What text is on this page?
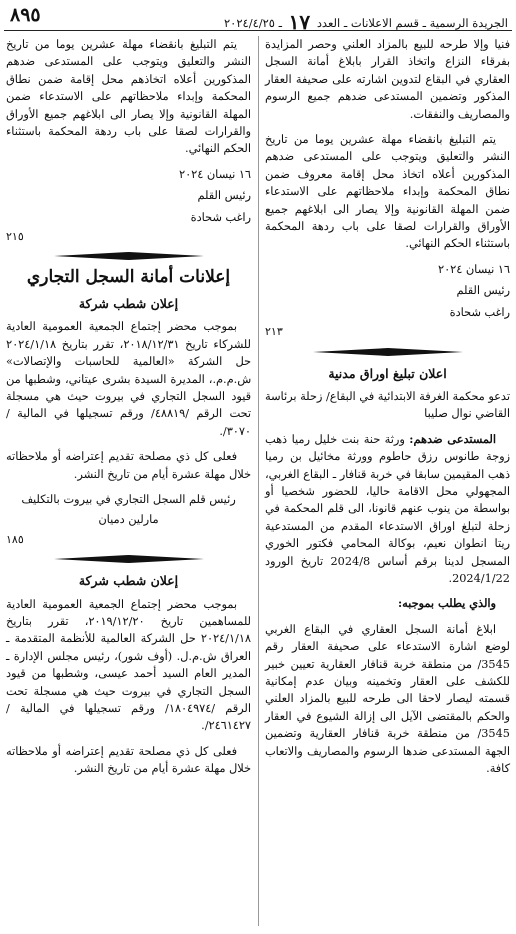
الجريدة الرسمية ـ قسم الاعلانات ـ العدد ١٧ ـ ٢٠٢٤/٤/٢٥
٨٩٥

فنيا وإلا طرحه للبيع بالمزاد العلني وحصر المزايدة بفرقاء النزاع واتخاذ القرار بابلاغ أمانة السجل العقاري في البقاع لتدوين اشارته على صحيفة العقار المذكور وتضمين المستدعى ضدهم جميع الرسوم والمصاريف والنفقات.

يتم التبليغ بانقضاء مهلة عشرين يوما من تاريخ النشر والتعليق ويتوجب على المستدعى ضدهم المذكورين أعلاه اتخاذ محل إقامة معروف ضمن نطاق المحكمة وإبداء ملاحظاتهم على الاستدعاء ضمن المهلة القانونية وإلا يصار الى ابلاغهم جميع الأوراق والقرارات لصقا على باب ردهة المحكمة باستثناء الحكم النهائي.

١٦ نيسان ٢٠٢٤
رئيس القلم
راغب شحادة
٢١٣
اعلان تبليغ اوراق مدنية

تدعو محكمة الغرفة الابتدائية في البقاع/ زحلة برئاسة القاضي نوال صليبا

المستدعى ضدهم: ورثة حنة بنت خليل رميا ذهب زوجة طانوس رزق حاطوم وورثة مخائيل بن رميا ذهب المقيمين سابقا في خربة قنافار ـ البقاع الغربي، المجهولي محل الاقامة حاليا، للحضور شخصيا أو بواسطة من ينوب عنهم قانونا، الى قلم المحكمة في زحلة لتبلغ اوراق الاستدعاء المقدم من المستدعية ريتا انطوان نعيم، بوكالة المحامي فكتور الخوري المسجل لدينا برقم أساس 2024/8 تاريخ الورود 2024/1/22.

والذي يطلب بموجبه:

ابلاغ أمانة السجل العقاري في البقاع الغربي لوضع اشارة الاستدعاء على صحيفة العقار رقم 3545/ من منطقة خربة قنافار العقارية تعيين خبير للكشف على العقار وتخمينه وبيان عدم إمكانية قسمته ليصار لاحقا الى طرحه للبيع بالمزاد العلني والحكم بالمقتضى الآيل الى إزالة الشيوع في العقار 3545/ من منطقة خربة قنافار العقارية وتضمين الجهة المستدعى ضدها الرسوم والمصاريف والاتعاب كافة.

يتم التبليغ بانقضاء مهلة عشرين يوما من تاريخ النشر والتعليق ويتوجب على المستدعى ضدهم المذكورين أعلاه اتخاذهم محل إقامة ضمن نطاق المحكمة وإبداء ملاحظاتهم على الاستدعاء ضمن المهلة القانونية وإلا يصار الى ابلاغهم جميع الأوراق والقرارات لصقا على باب ردهة المحكمة باستثناء الحكم النهائي.

١٦ نيسان ٢٠٢٤
رئيس القلم
راغب شحادة
٢١٥
إعلانات أمانة السجل التجاري
إعلان شطب شركة

بموجب محضر إجتماع الجمعية العمومية العادية للشركاء تاريخ ٢٠١٨/١٢/٣١، تقرر بتاريخ ٢٠٢٤/١/١٨ حل الشركة «العالمية للحاسبات والإتصالات» ش.م.م.، المديرة السيدة بشرى عيتاني، وشطبها من قيود السجل التجاري في بيروت حيث هي مسجلة تحت الرقم /٤٨٨١٩/ ورقم تسجيلها في المالية /٣٠٧٠/.

فعلى كل ذي مصلحة تقديم إعتراضه أو ملاحظاته خلال مهلة عشرة أيام من تاريخ النشر.

رئيس قلم السجل التجاري في بيروت بالتكليف
مارلين دميان
١٨٥
إعلان شطب شركة

بموجب محضر إجتماع الجمعية العمومية العادية للمساهمين تاريخ ٢٠١٩/١٢/٢٠، تقرر بتاريخ ٢٠٢٤/١/١٨ حل الشركة العالمية للأنظمة المتقدمة ـ العراق ش.م.ل. (أوف شور)، رئيس مجلس الإدارة ـ المدير العام السيد أحمد عيسى، وشطبها من قيود السجل التجاري في بيروت حيث هي مسجلة تحت الرقم /١٨٠٤٩٧٤/ ورقم تسجيلها في المالية /٢٤٦١٤٢٧/.

فعلى كل ذي مصلحة تقديم إعتراضه أو ملاحظاته خلال مهلة عشرة أيام من تاريخ النشر.
